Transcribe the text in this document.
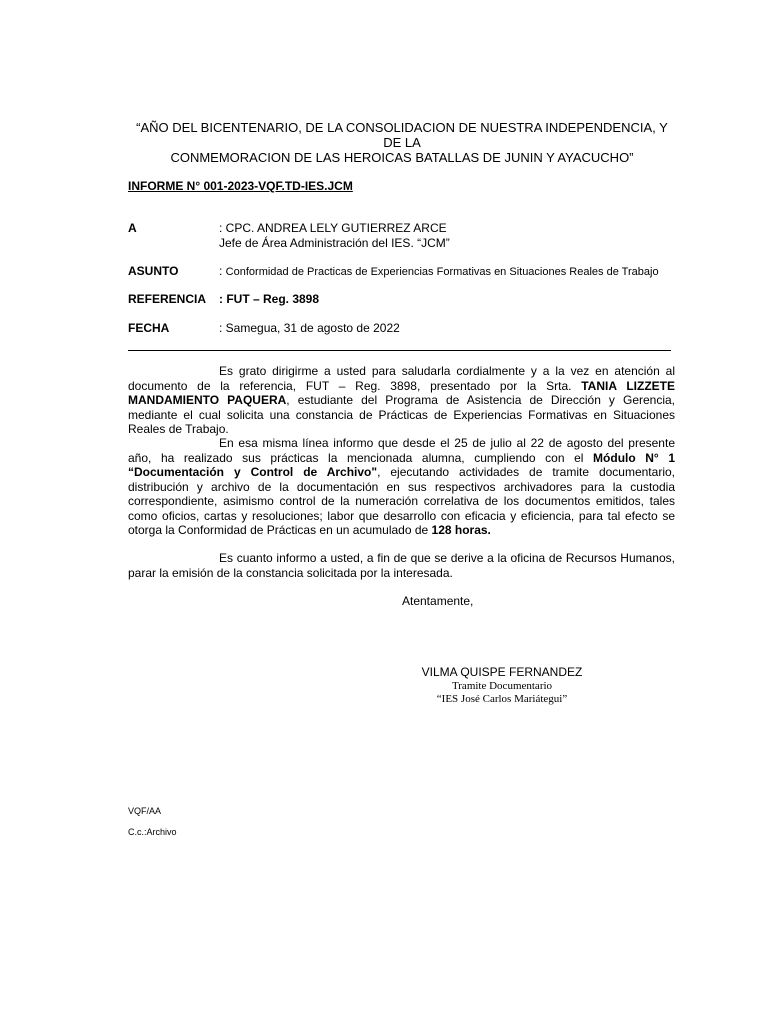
“AÑO DEL BICENTENARIO, DE LA CONSOLIDACION DE NUESTRA INDEPENDENCIA, Y DE LA
CONMEMORACION DE LAS HEROICAS BATALLAS DE JUNIN Y AYACUCHO”
INFORME N° 001-2023-VQF.TD-IES.JCM
A	: CPC. ANDREA LELY GUTIERREZ ARCE
Jefe de Área Administración del IES. “JCM”
ASUNTO	: Conformidad de Practicas de Experiencias Formativas en Situaciones Reales de Trabajo
REFERENCIA : FUT – Reg. 3898
FECHA	: Samegua, 31 de agosto de 2022
Es grato dirigirme a usted para saludarla cordialmente y a la vez en atención al documento de la referencia, FUT – Reg. 3898, presentado por la Srta. TANIA LIZZETE MANDAMIENTO PAQUERA, estudiante del Programa de Asistencia de Dirección y Gerencia, mediante el cual solicita una constancia de Prácticas de Experiencias Formativas en Situaciones Reales de Trabajo.
En esa misma línea informo que desde el 25 de julio al 22 de agosto del presente año, ha realizado sus prácticas la mencionada alumna, cumpliendo con el Módulo N° 1 “Documentación y Control de Archivo", ejecutando actividades de tramite documentario, distribución y archivo de la documentación en sus respectivos archivadores para la custodia correspondiente, asimismo control de la numeración correlativa de los documentos emitidos, tales como oficios, cartas y resoluciones; labor que desarrollo con eficacia y eficiencia, para tal efecto se otorga la Conformidad de Prácticas en un acumulado de 128 horas.
Es cuanto informo a usted, a fin de que se derive a la oficina de Recursos Humanos, parar la emisión de la constancia solicitada por la interesada.
Atentamente,
VILMA QUISPE FERNANDEZ
Tramite Documentario
“IES José Carlos Mariátegui”
VQF/AA
C.c.:Archivo
